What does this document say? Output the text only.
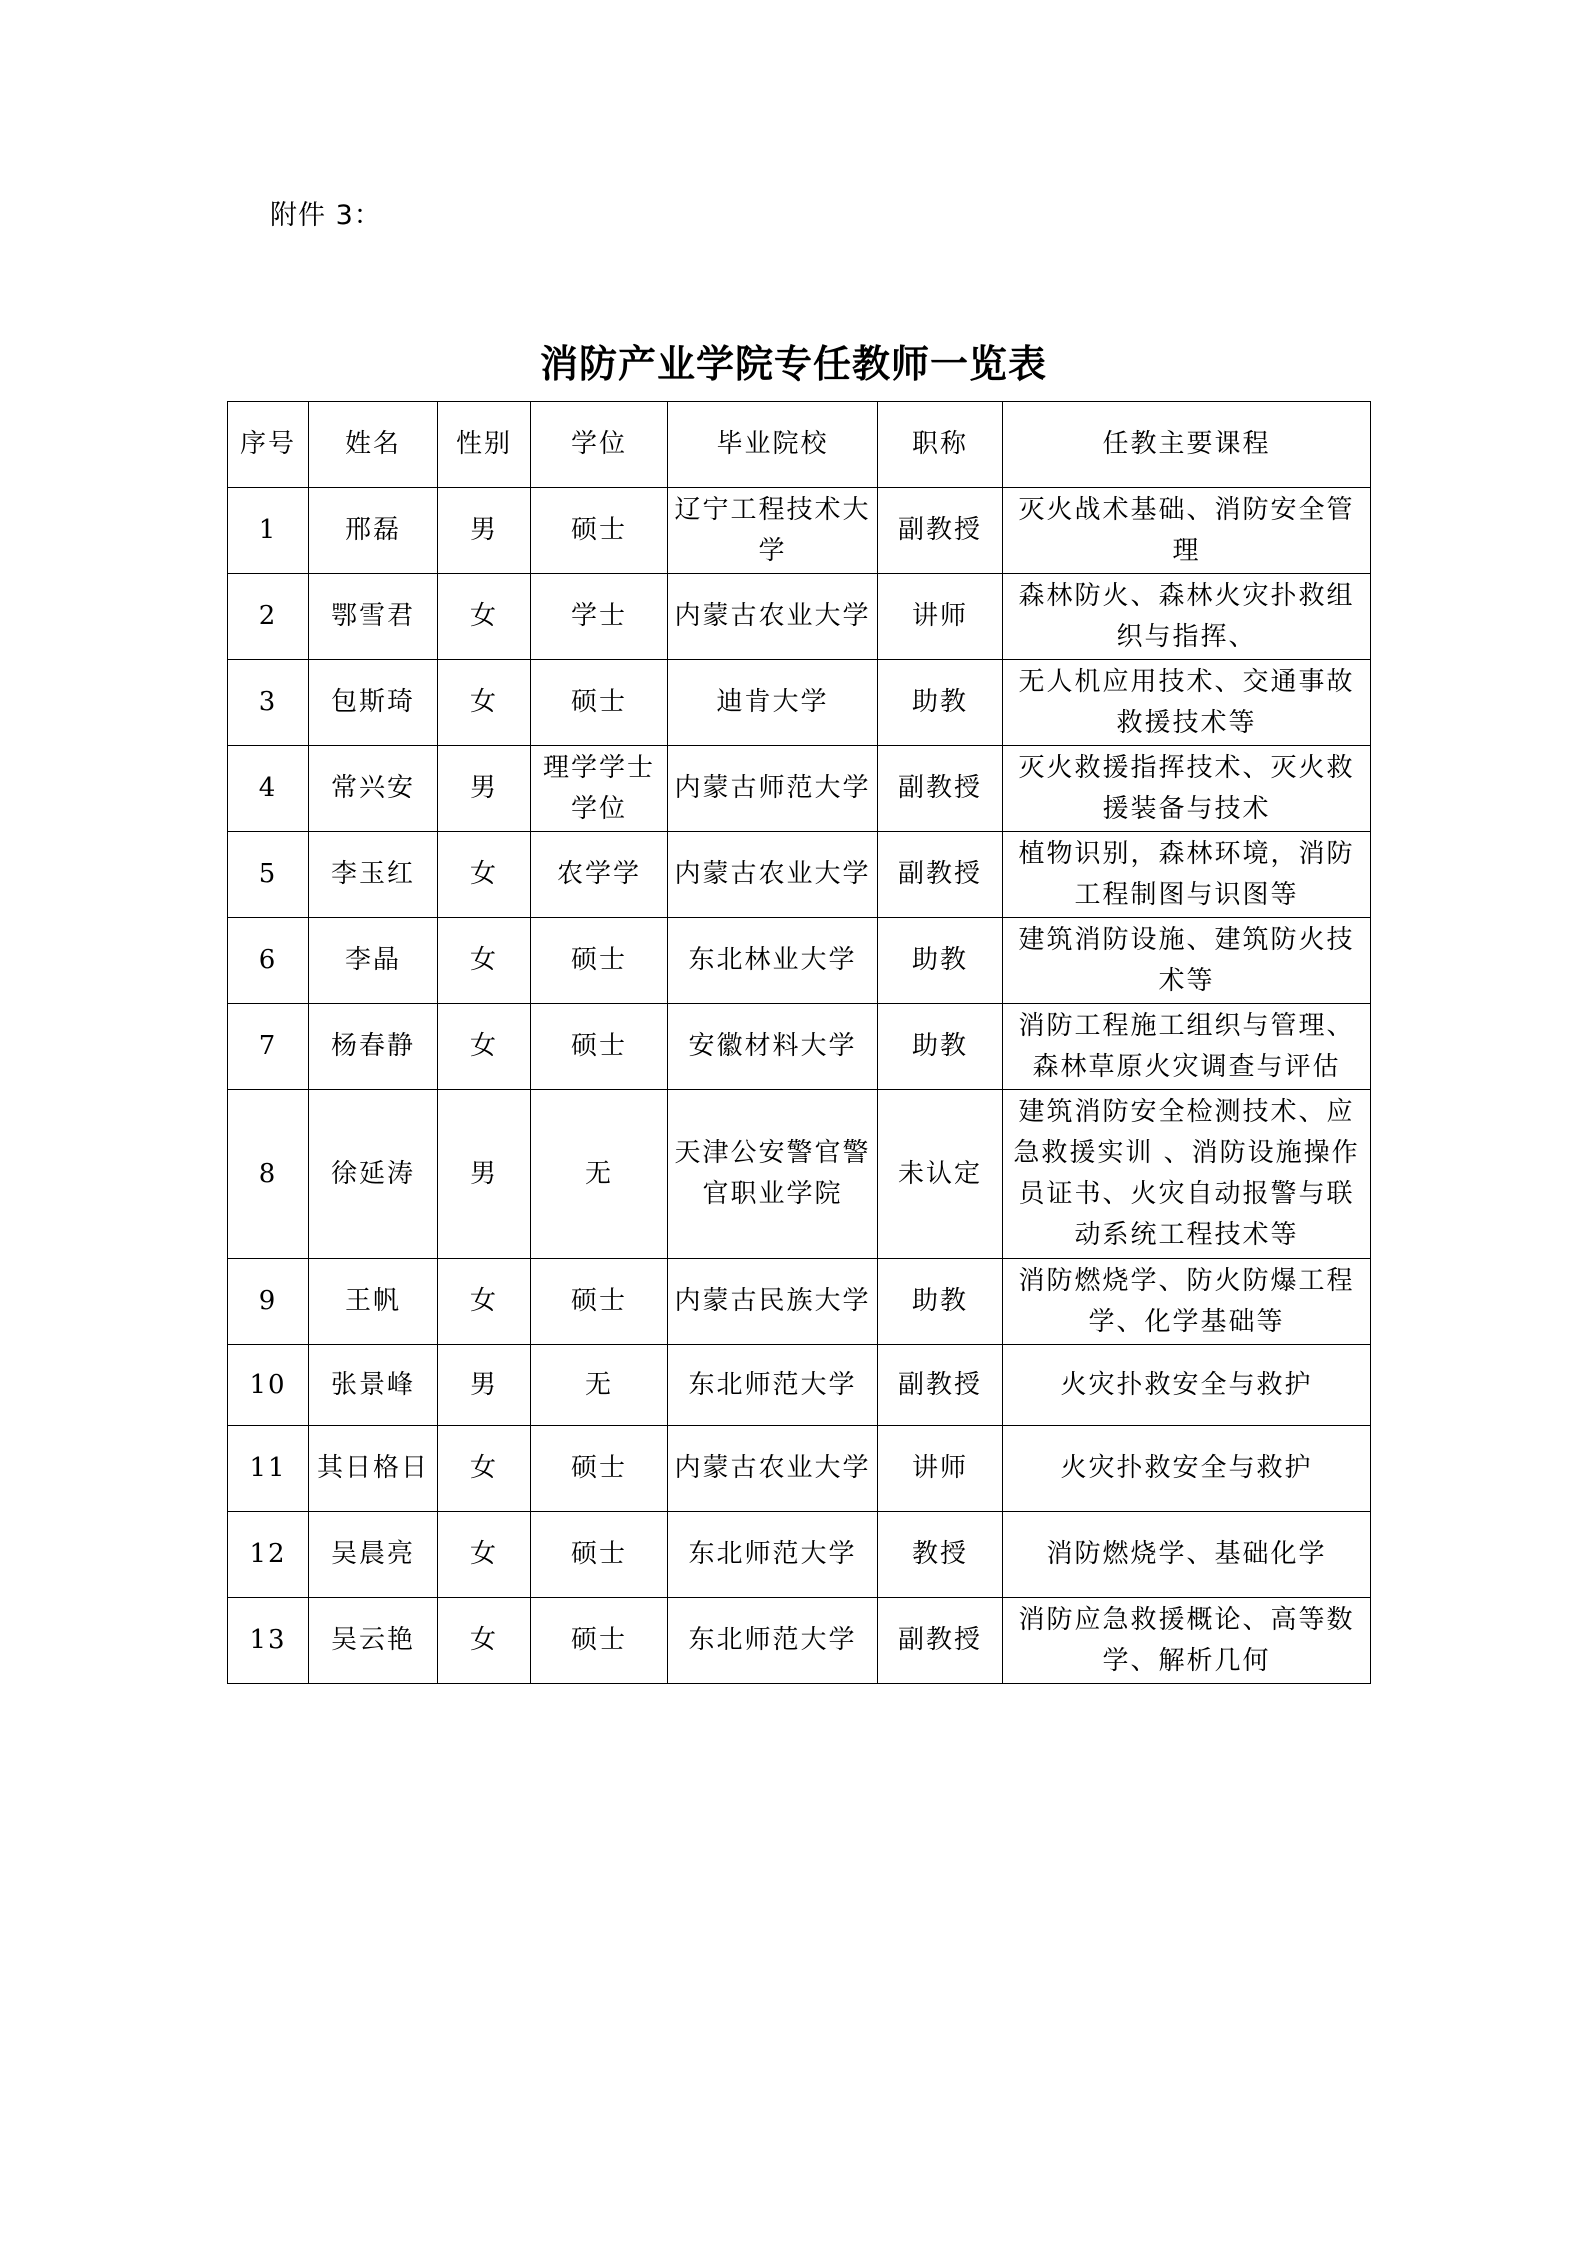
附件 3：
消防产业学院专任教师一览表
序号	姓名	性别	学位	毕业院校	职称	任教主要课程
1	邢磊	男	硕士	辽宁工程技术大学	副教授	灭火战术基础、消防安全管理
2	鄂雪君	女	学士	内蒙古农业大学	讲师	森林防火、森林火灾扑救组织与指挥、
3	包斯琦	女	硕士	迪肯大学	助教	无人机应用技术、交通事故救援技术等
4	常兴安	男	理学学士学位	内蒙古师范大学	副教授	灭火救援指挥技术、灭火救援装备与技术
5	李玉红	女	农学学	内蒙古农业大学	副教授	植物识别，森林环境，消防工程制图与识图等
6	李晶	女	硕士	东北林业大学	助教	建筑消防设施、建筑防火技术等
7	杨春静	女	硕士	安徽材料大学	助教	消防工程施工组织与管理、森林草原火灾调查与评估
8	徐延涛	男	无	天津公安警官警官职业学院	未认定	建筑消防安全检测技术、应急救援实训 、消防设施操作员证书、火灾自动报警与联动系统工程技术等
9	王帆	女	硕士	内蒙古民族大学	助教	消防燃烧学、防火防爆工程学、化学基础等
10	张景峰	男	无	东北师范大学	副教授	火灾扑救安全与救护
11	其日格日	女	硕士	内蒙古农业大学	讲师	火灾扑救安全与救护
12	吴晨亮	女	硕士	东北师范大学	教授	消防燃烧学、基础化学
13	吴云艳	女	硕士	东北师范大学	副教授	消防应急救援概论、高等数学、解析几何
